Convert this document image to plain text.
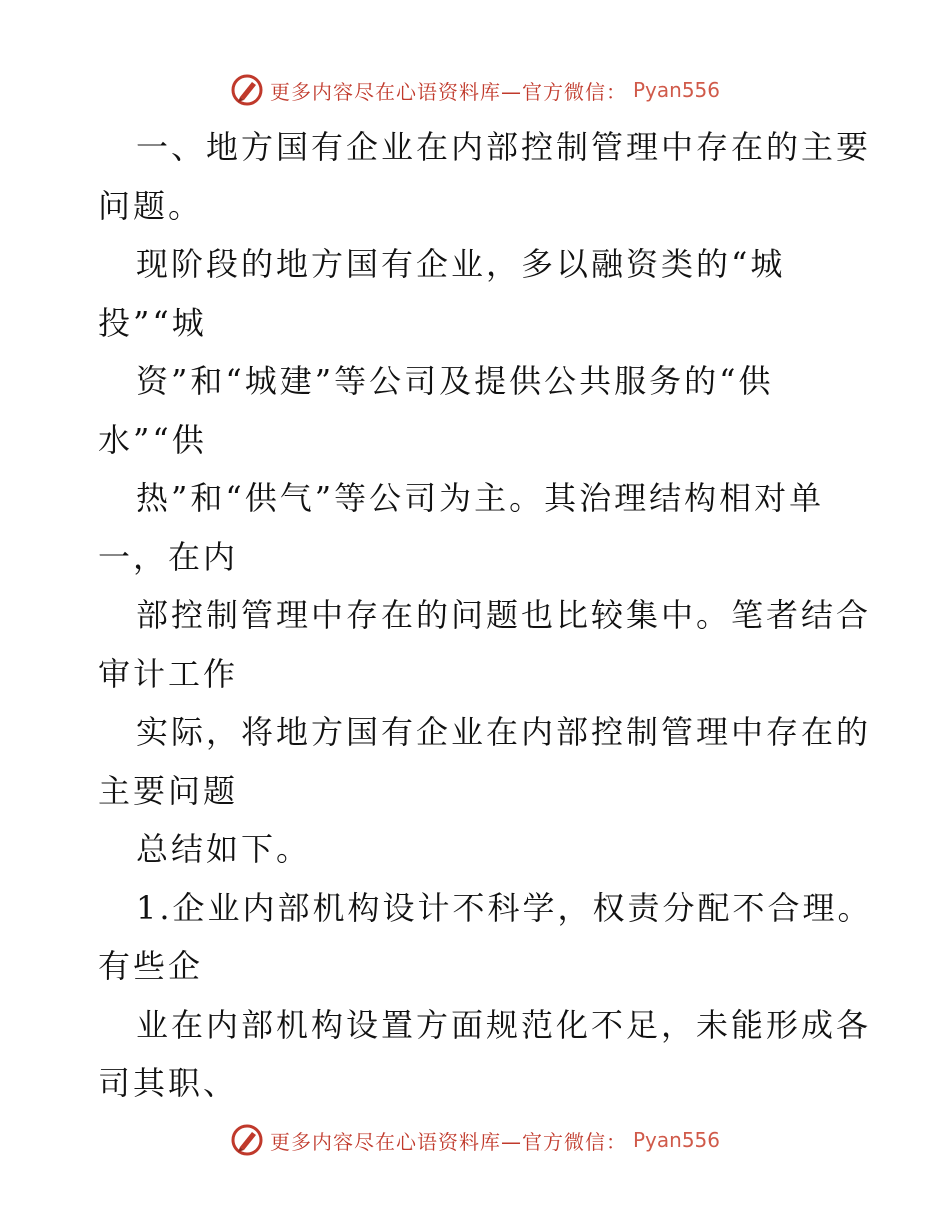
更多内容尽在心语资料库—官方微信： Pyan556
一、地方国有企业在内部控制管理中存在的主要
问题。
现阶段的地方国有企业，多以融资类的“城
投”“城
资”和“城建”等公司及提供公共服务的“供
水”“供
热”和“供气”等公司为主。其治理结构相对单
一，在内
部控制管理中存在的问题也比较集中。笔者结合
审计工作
实际，将地方国有企业在内部控制管理中存在的
主要问题
总结如下。
1.企业内部机构设计不科学，权责分配不合理。
有些企
业在内部机构设置方面规范化不足，未能形成各
司其职、
更多内容尽在心语资料库—官方微信： Pyan556
